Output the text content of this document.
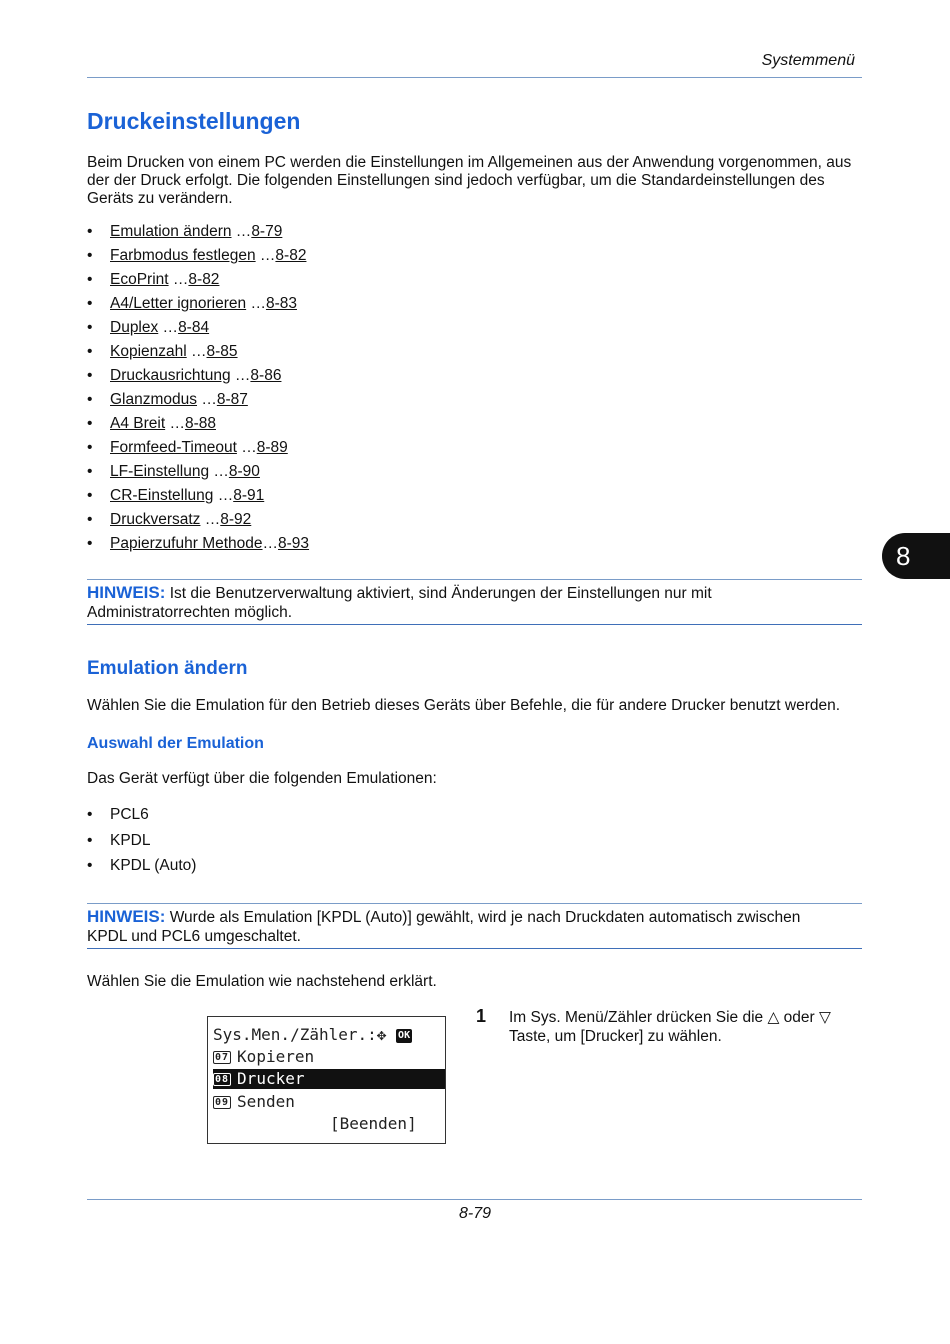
Systemmenü
Druckeinstellungen
Beim Drucken von einem PC werden die Einstellungen im Allgemeinen aus der Anwendung vorgenommen, aus
der der Druck erfolgt. Die folgenden Einstellungen sind jedoch verfügbar, um die Standardeinstellungen des
Geräts zu verändern.
• Emulation ändern …8-79
• Farbmodus festlegen …8-82
• EcoPrint …8-82
• A4/Letter ignorieren …8-83
• Duplex …8-84
• Kopienzahl …8-85
• Druckausrichtung …8-86
• Glanzmodus …8-87
• A4 Breit …8-88
• Formfeed-Timeout …8-89
• LF-Einstellung …8-90
• CR-Einstellung …8-91
• Druckversatz …8-92
• Papierzufuhr Methode…8-93
HINWEIS: Ist die Benutzerverwaltung aktiviert, sind Änderungen der Einstellungen nur mit
Administratorrechten möglich.
Emulation ändern
Wählen Sie die Emulation für den Betrieb dieses Geräts über Befehle, die für andere Drucker benutzt werden.
Auswahl der Emulation
Das Gerät verfügt über die folgenden Emulationen:
• PCL6
• KPDL
• KPDL (Auto)
HINWEIS: Wurde als Emulation [KPDL (Auto)] gewählt, wird je nach Druckdaten automatisch zwischen
KPDL und PCL6 umgeschaltet.
Wählen Sie die Emulation wie nachstehend erklärt.
Sys.Men./Zähler.:✥ OK
07 Kopieren
08 Drucker
09 Senden
[Beenden]
1 Im Sys. Menü/Zähler drücken Sie die △ oder ▽
Taste, um [Drucker] zu wählen.
8-79
8
